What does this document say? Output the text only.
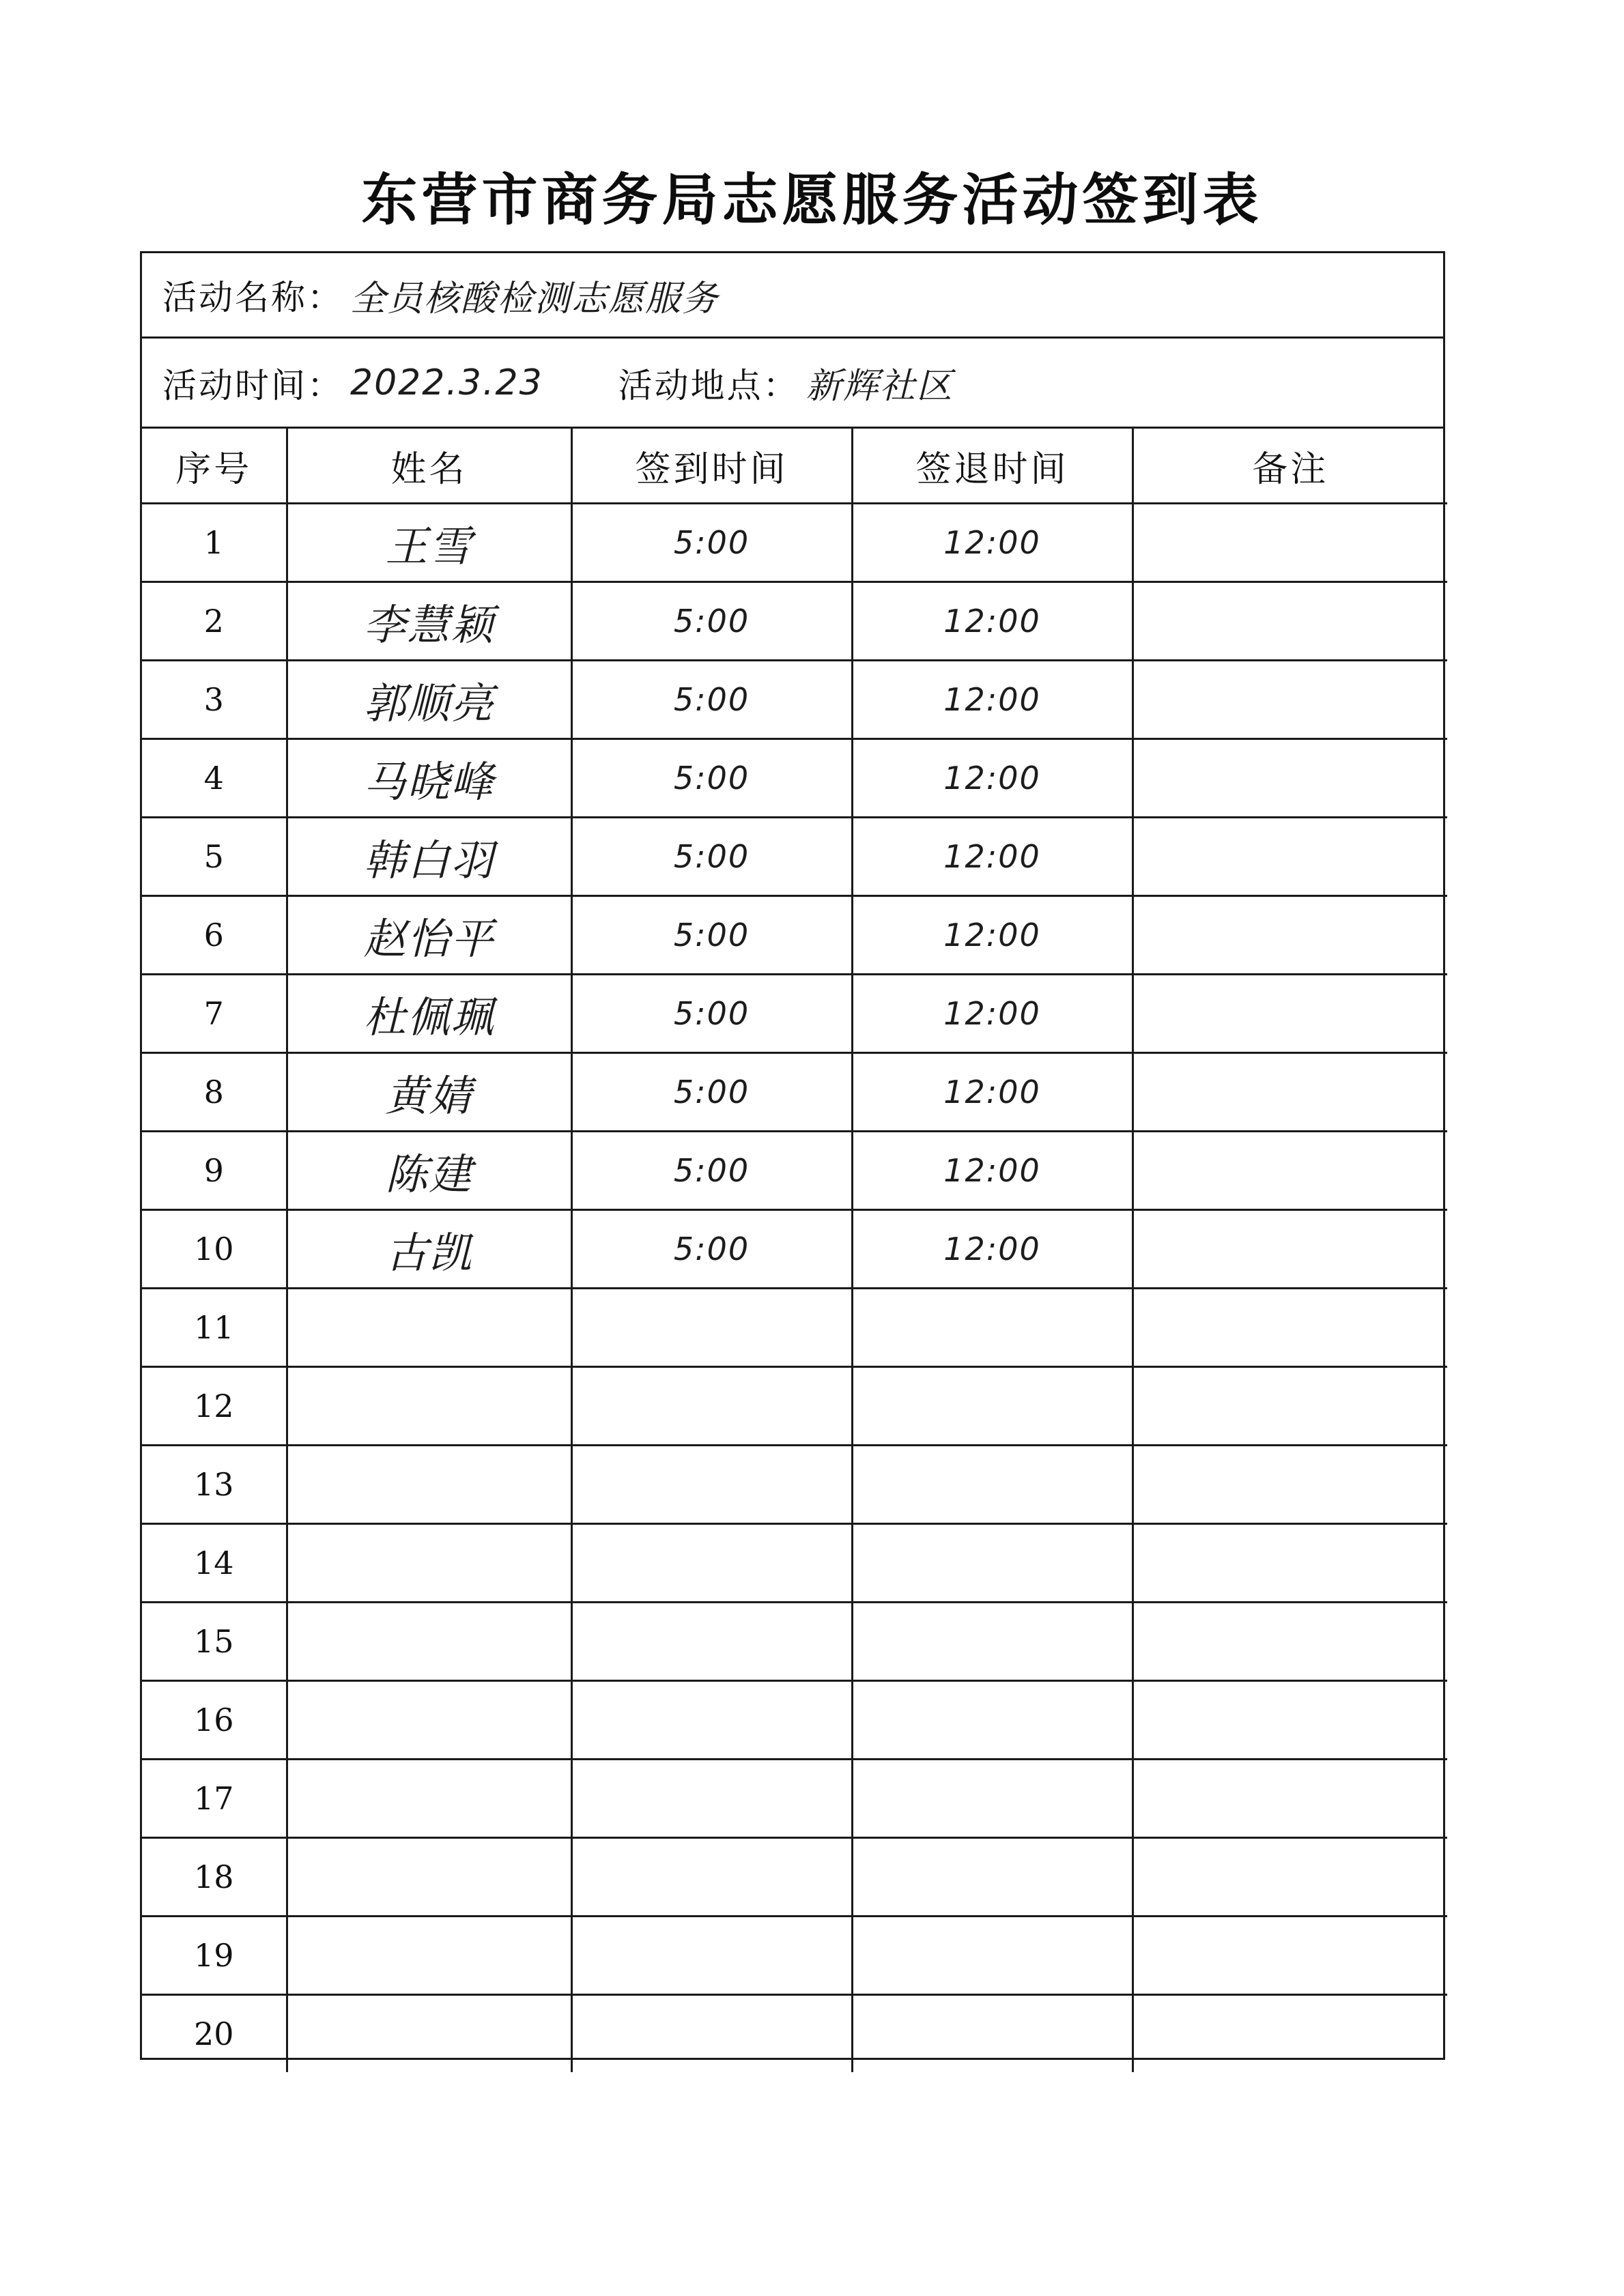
东营市商务局志愿服务活动签到表
活动名称： 全员核酸检测志愿服务
活动时间： 2022.3.23 活动地点： 新辉社区
序号	姓名	签到时间	签退时间	备注
1	王雪	5:00	12:00	
2	李慧颖	5:00	12:00	
3	郭顺亮	5:00	12:00	
4	马晓峰	5:00	12:00	
5	韩白羽	5:00	12:00	
6	赵怡平	5:00	12:00	
7	杜佩珮	5:00	12:00	
8	黄婧	5:00	12:00	
9	陈建	5:00	12:00	
10	古凯	5:00	12:00	
11				
12				
13				
14				
15				
16				
17				
18				
19				
20				
